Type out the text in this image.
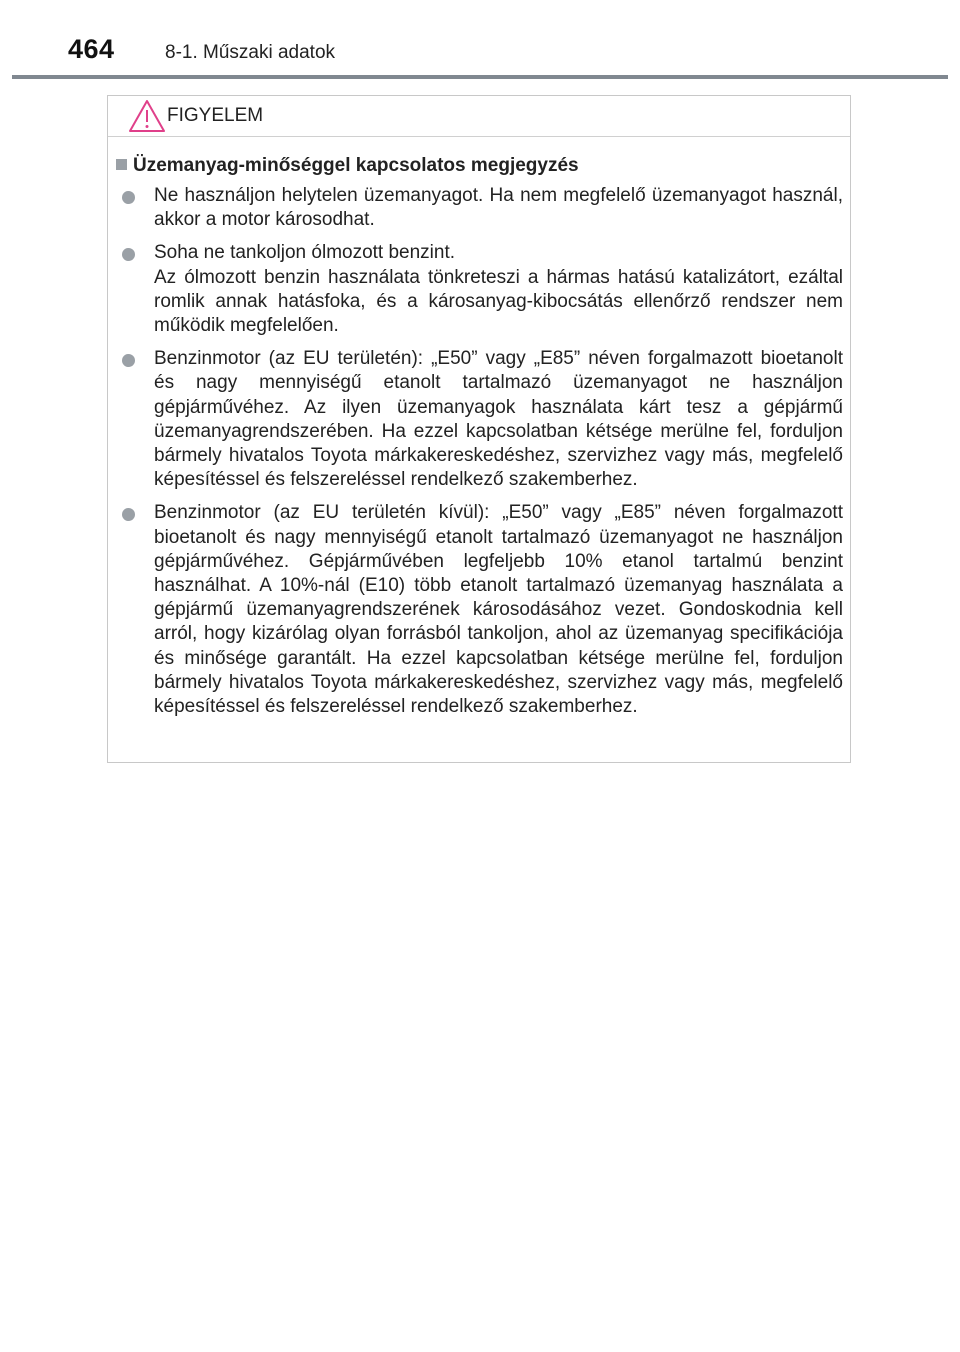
464	8-1. Műszaki adatok
FIGYELEM
Üzemanyag-minőséggel kapcsolatos megjegyzés
Ne használjon helytelen üzemanyagot. Ha nem megfelelő üzemanyagot használ, akkor a motor károsodhat.
Soha ne tankoljon ólmozott benzint.
Az ólmozott benzin használata tönkreteszi a hármas hatású katalizátort, ezáltal romlik annak hatásfoka, és a károsanyag-kibocsátás ellenőrző rendszer nem működik megfelelően.
Benzinmotor (az EU területén): „E50” vagy „E85” néven forgalmazott bioetanolt és nagy mennyiségű etanolt tartalmazó üzemanyagot ne használjon gépjárművéhez. Az ilyen üzemanyagok használata kárt tesz a gépjármű üzemanyagrendszerében. Ha ezzel kapcsolatban kétsége merülne fel, forduljon bármely hivatalos Toyota márkakereskedéshez, szervizhez vagy más, megfelelő képesítéssel és felszereléssel rendelkező szakemberhez.
Benzinmotor (az EU területén kívül): „E50” vagy „E85” néven forgalmazott bioetanolt és nagy mennyiségű etanolt tartalmazó üzemanyagot ne használjon gépjárművéhez. Gépjárművében legfeljebb 10% etanol tartalmú benzint használhat. A 10%-nál (E10) több etanolt tartalmazó üzemanyag használata a gépjármű üzemanyagrendszerének károsodásához vezet. Gondoskodnia kell arról, hogy kizárólag olyan forrásból tankoljon, ahol az üzemanyag specifikációja és minősége garantált. Ha ezzel kapcsolatban kétsége merülne fel, forduljon bármely hivatalos Toyota márkakereskedéshez, szervizhez vagy más, megfelelő képesítéssel és felszereléssel rendelkező szakemberhez.
